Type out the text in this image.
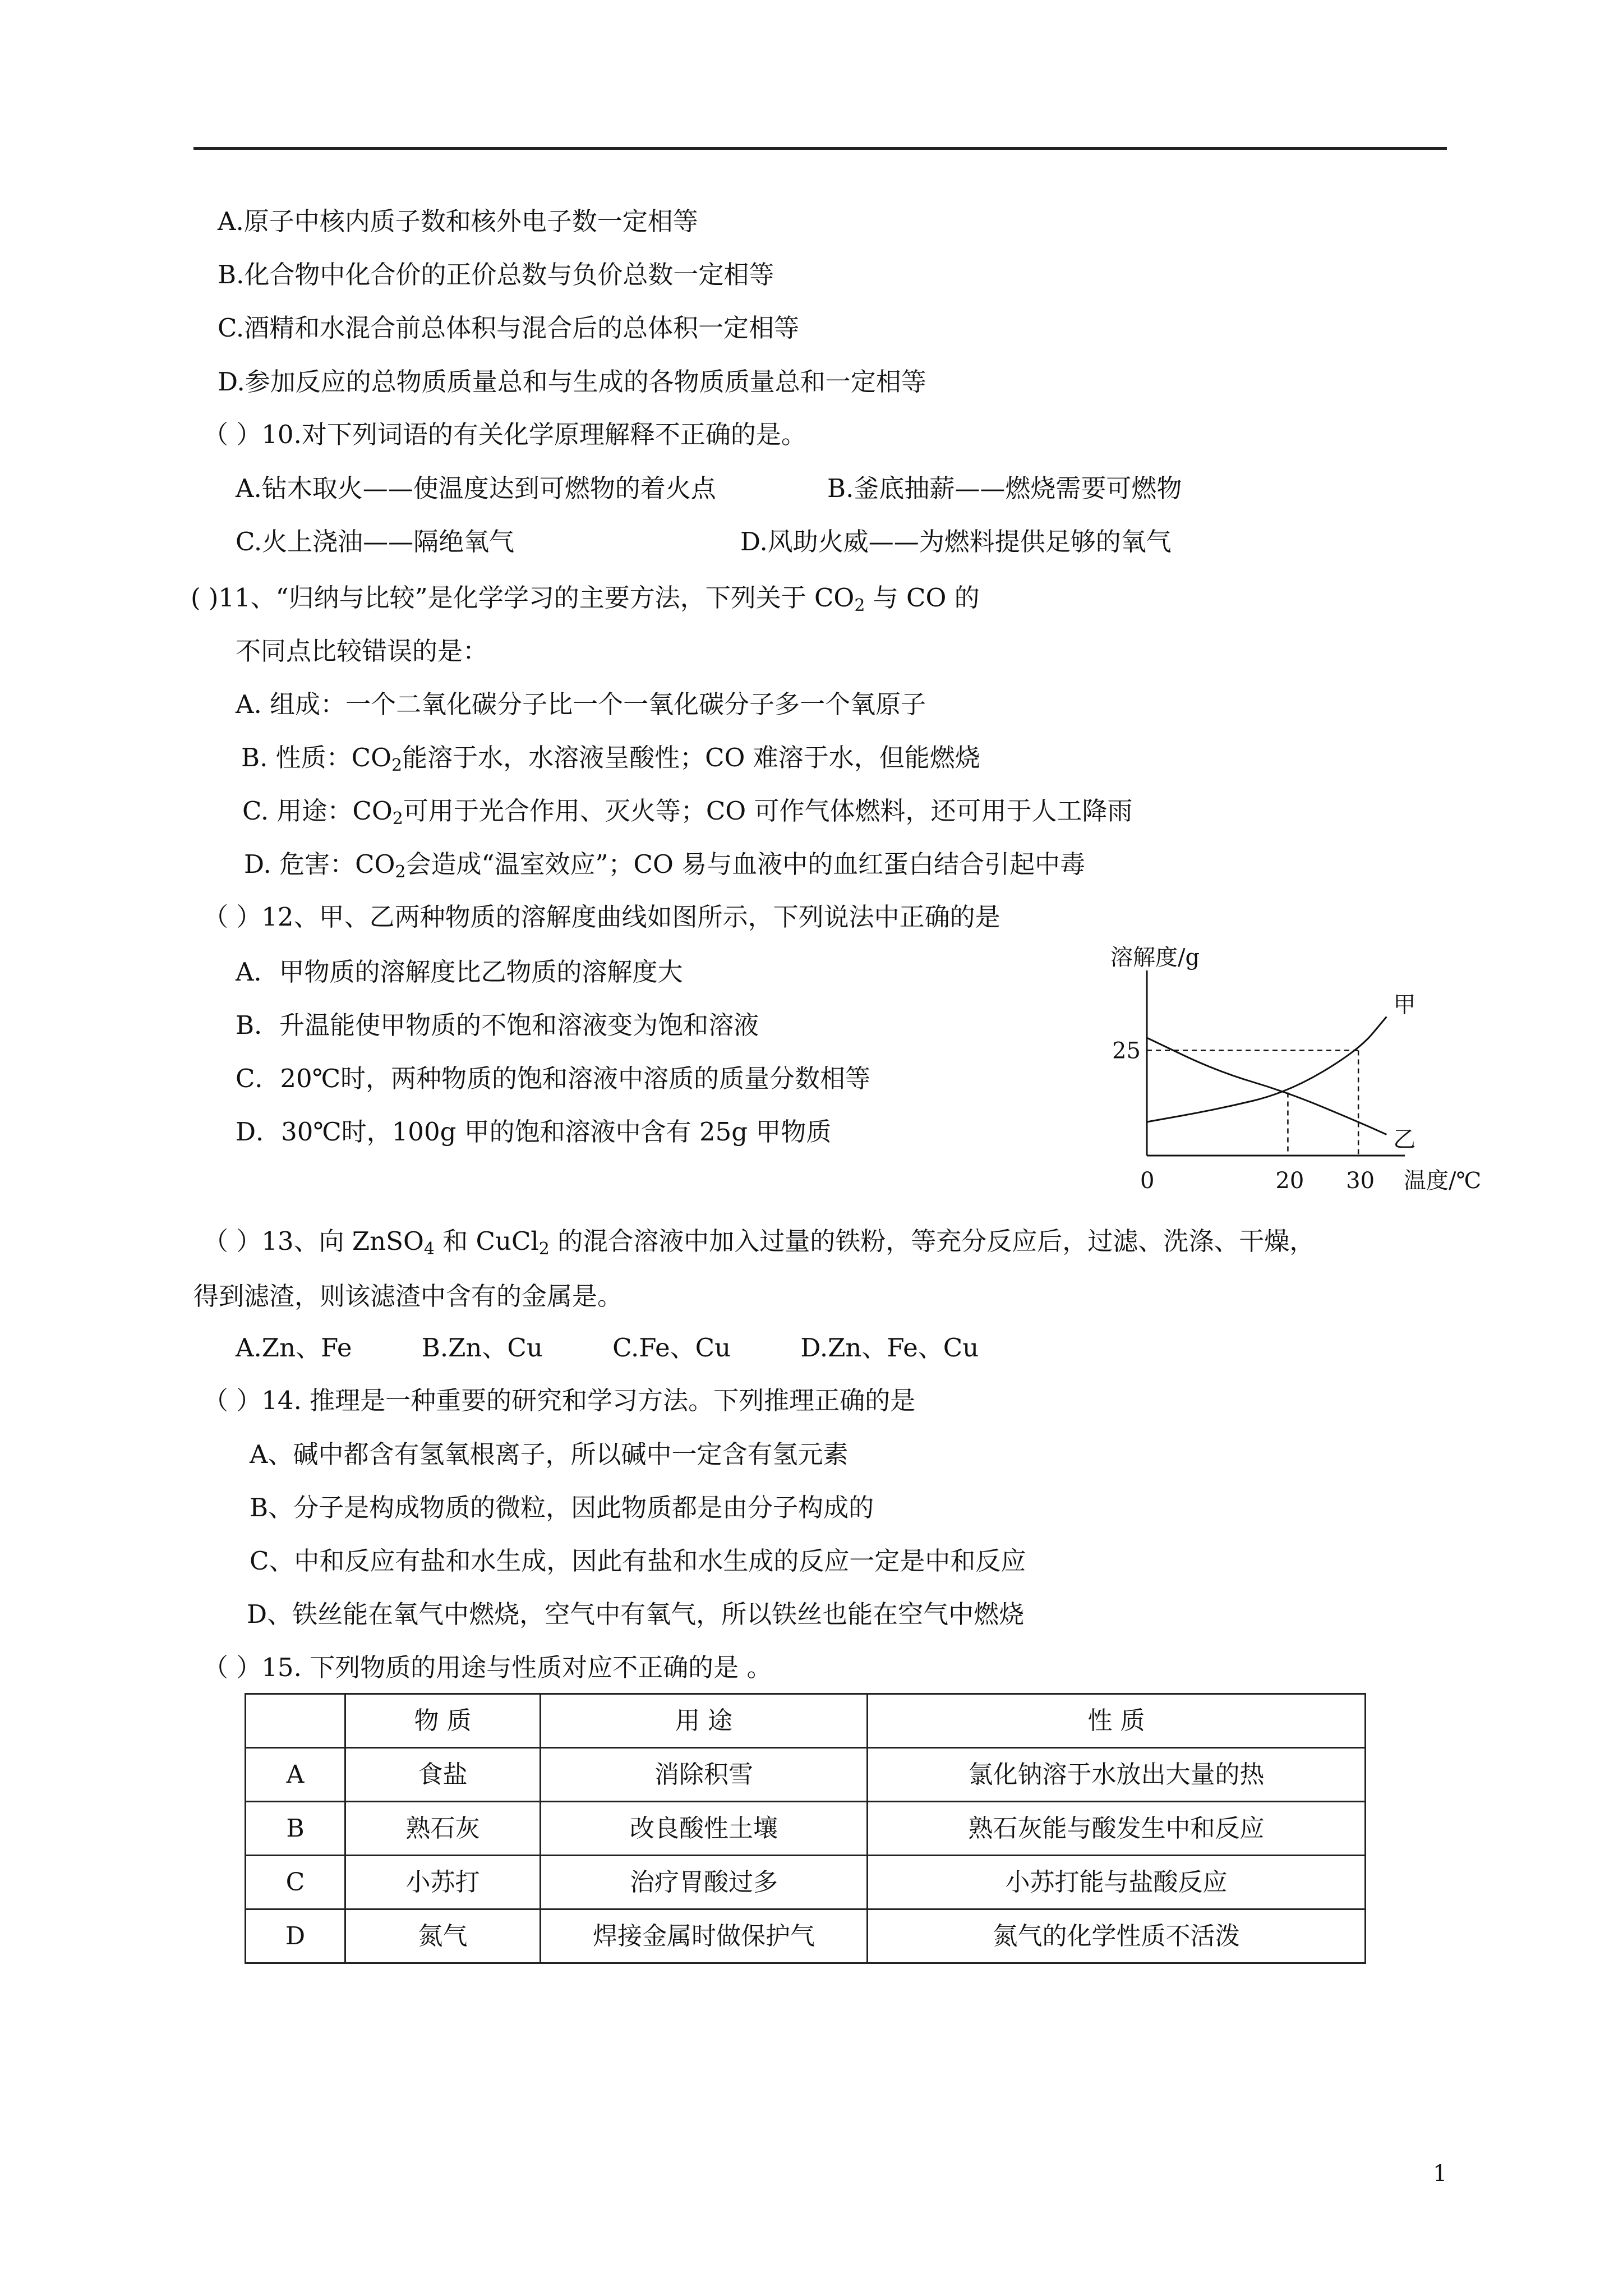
A.原子中核内质子数和核外电子数一定相等
B.化合物中化合价的正价总数与负价总数一定相等
C.酒精和水混合前总体积与混合后的总体积一定相等
D.参加反应的总物质质量总和与生成的各物质质量总和一定相等
（ ）10.对下列词语的有关化学原理解释不正确的是。
A.钻木取火——使温度达到可燃物的着火点	B.釜底抽薪——燃烧需要可燃物
C.火上浇油——隔绝氧气	D.风助火威——为燃料提供足够的氧气
( )11、“归纳与比较”是化学学习的主要方法，下列关于 $CO_2$ 与 CO 的
不同点比较错误的是：
A. 组成：一个二氧化碳分子比一个一氧化碳分子多一个氧原子
B. 性质：$CO_2$能溶于水，水溶液呈酸性；CO 难溶于水，但能燃烧
C. 用途：$CO_2$可用于光合作用、灭火等；CO 可作气体燃料，还可用于人工降雨
D. 危害：$CO_2$会造成“温室效应”；CO 易与血液中的血红蛋白结合引起中毒
（ ）12、甲、乙两种物质的溶解度曲线如图所示，下列说法中正确的是
A．甲物质的溶解度比乙物质的溶解度大
B．升温能使甲物质的不饱和溶液变为饱和溶液
C．20℃时，两种物质的饱和溶液中溶质的质量分数相等
D．30℃时，100g 甲的饱和溶液中含有 25g 甲物质
甲
乙
溶解度/g
温度/℃
0	20 30
25
（ ）13、向 ZnSO$_4$ 和 CuCl$_2$ 的混合溶液中加入过量的铁粉，等充分反应后，过滤、洗涤、干燥，
得到滤渣，则该滤渣中含有的金属是。
A.Zn、Fe	B.Zn、Cu	C.Fe、Cu	D.Zn、Fe、Cu
（ ）14. 推理是一种重要的研究和学习方法。下列推理正确的是
A、碱中都含有氢氧根离子，所以碱中一定含有氢元素
B、分子是构成物质的微粒，因此物质都是由分子构成的
C、中和反应有盐和水生成，因此有盐和水生成的反应一定是中和反应
D、铁丝能在氧气中燃烧，空气中有氧气，所以铁丝也能在空气中燃烧
（ ）15. 下列物质的用途与性质对应不正确的是 。
	物 质	用 途	性 质
A	食盐	消除积雪	氯化钠溶于水放出大量的热
B	熟石灰	改良酸性土壤	熟石灰能与酸发生中和反应
C	小苏打	治疗胃酸过多	小苏打能与盐酸反应
D	氮气	焊接金属时做保护气	氮气的化学性质不活泼
1
